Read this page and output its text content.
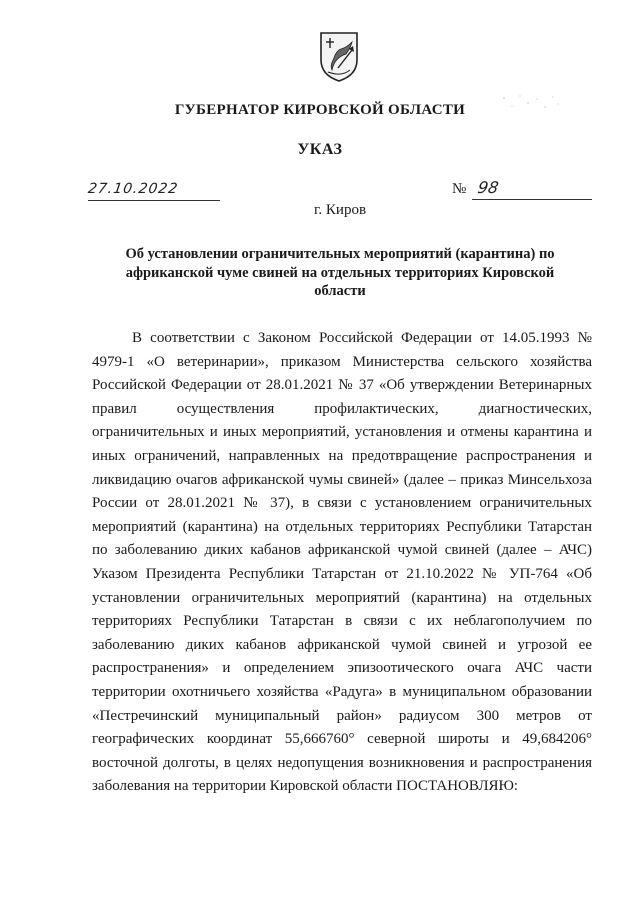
ГУБЕРНАТОР КИРОВСКОЙ ОБЛАСТИ
УКАЗ
27.10.2022	№ 98
г. Киров
Об установлении ограничительных мероприятий (карантина) по африканской чуме свиней на отдельных территориях Кировской области

В соответствии с Законом Российской Федерации от 14.05.1993 № 4979-1 «О ветеринарии», приказом Министерства сельского хозяйства Российской Федерации от 28.01.2021 № 37 «Об утверждении Ветеринарных правил осуществления профилактических, диагностических, ограничительных и иных мероприятий, установления и отмены карантина и иных ограничений, направленных на предотвращение распространения и ликвидацию очагов африканской чумы свиней» (далее – приказ Минсельхоза России от 28.01.2021 № 37), в связи с установлением ограничительных мероприятий (карантина) на отдельных территориях Республики Татарстан по заболеванию диких кабанов африканской чумой свиней (далее – АЧС) Указом Президента Республики Татарстан от 21.10.2022 № УП-764 «Об установлении ограничительных мероприятий (карантина) на отдельных территориях Республики Татарстан в связи с их неблагополучием по заболеванию диких кабанов африканской чумой свиней и угрозой ее распространения» и определением эпизоотического очага АЧС части территории охотничьего хозяйства «Радуга» в муниципальном образовании «Пестречинский муниципальный район» радиусом 300 метров от географических координат 55,666760° северной широты и 49,684206° восточной долготы, в целях недопущения возникновения и распространения заболевания на территории Кировской области ПОСТАНОВЛЯЮ:
